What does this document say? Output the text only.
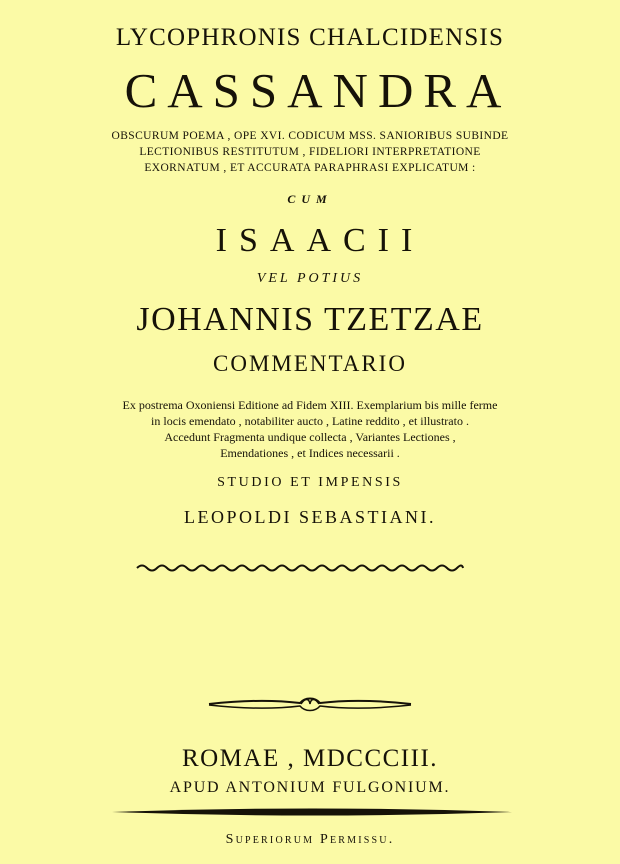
LYCOPHRONIS CHALCIDENSIS
CASSANDRA
OBSCURUM POEMA , OPE XVI. CODICUM MSS. SANIORIBUS SUBINDE
LECTIONIBUS RESTITUTUM , FIDELIORI INTERPRETATIONE
EXORNATUM , ET ACCURATA PARAPHRASI EXPLICATUM :
CUM
ISAACII
VEL POTIUS
JOHANNIS TZETZAE
COMMENTARIO
Ex postrema Oxoniensi Editione ad Fidem XIII. Exemplarium bis mille ferme
in locis emendato , notabiliter aucto , Latine reddito , et illustrato .
Accedunt Fragmenta undique collecta , Variantes Lectiones ,
Emendationes , et Indices necessarii .
STUDIO ET IMPENSIS
LEOPOLDI SEBASTIANI.
ROMAE , MDCCCIII.
APUD ANTONIUM FULGONIUM.
Superiorum Permissu.
